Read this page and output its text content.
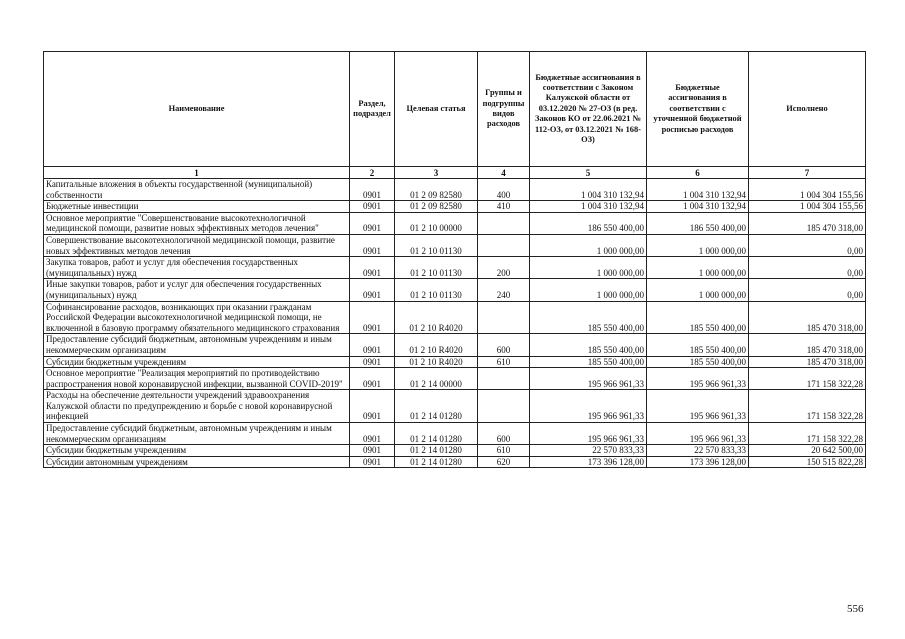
Наименование	Раздел, подраздел	Целевая статья	Группы и подгруппы видов расходов	Бюджетные ассигнования в соответствии с Законом Калужской области от 03.12.2020 № 27-ОЗ (в ред. Законов КО от 22.06.2021 № 112-ОЗ, от 03.12.2021 № 168-ОЗ)	Бюджетные ассигнования в соответствии с уточненной бюджетной росписью расходов	Исполнено
1	2	3	4	5	6	7
Капитальные вложения в объекты государственной (муниципальной) собственности	0901	01 2 09 82580	400	1 004 310 132,94	1 004 310 132,94	1 004 304 155,56
Бюджетные инвестиции	0901	01 2 09 82580	410	1 004 310 132,94	1 004 310 132,94	1 004 304 155,56
Основное мероприятие "Совершенствование высокотехнологичной медицинской помощи, развитие новых эффективных методов лечения"	0901	01 2 10 00000		186 550 400,00	186 550 400,00	185 470 318,00
Совершенствование высокотехнологичной медицинской помощи, развитие новых эффективных методов лечения	0901	01 2 10 01130		1 000 000,00	1 000 000,00	0,00
Закупка товаров, работ и услуг для обеспечения государственных (муниципальных) нужд	0901	01 2 10 01130	200	1 000 000,00	1 000 000,00	0,00
Иные закупки товаров, работ и услуг для обеспечения государственных (муниципальных) нужд	0901	01 2 10 01130	240	1 000 000,00	1 000 000,00	0,00
Софинансирование расходов, возникающих при оказании гражданам Российской Федерации высокотехнологичной медицинской помощи, не включенной в базовую программу обязательного медицинского страхования	0901	01 2 10 R4020		185 550 400,00	185 550 400,00	185 470 318,00
Предоставление субсидий бюджетным, автономным учреждениям и иным некоммерческим организациям	0901	01 2 10 R4020	600	185 550 400,00	185 550 400,00	185 470 318,00
Субсидии бюджетным учреждениям	0901	01 2 10 R4020	610	185 550 400,00	185 550 400,00	185 470 318,00
Основное мероприятие "Реализация мероприятий по противодействию распространения новой коронавирусной инфекции, вызванной COVID-2019"	0901	01 2 14 00000		195 966 961,33	195 966 961,33	171 158 322,28
Расходы на обеспечение деятельности учреждений здравоохранения Калужской области по предупреждению и борьбе с новой коронавирусной инфекцией	0901	01 2 14 01280		195 966 961,33	195 966 961,33	171 158 322,28
Предоставление субсидий бюджетным, автономным учреждениям и иным некоммерческим организациям	0901	01 2 14 01280	600	195 966 961,33	195 966 961,33	171 158 322,28
Субсидии бюджетным учреждениям	0901	01 2 14 01280	610	22 570 833,33	22 570 833,33	20 642 500,00
Субсидии автономным учреждениям	0901	01 2 14 01280	620	173 396 128,00	173 396 128,00	150 515 822,28
556
